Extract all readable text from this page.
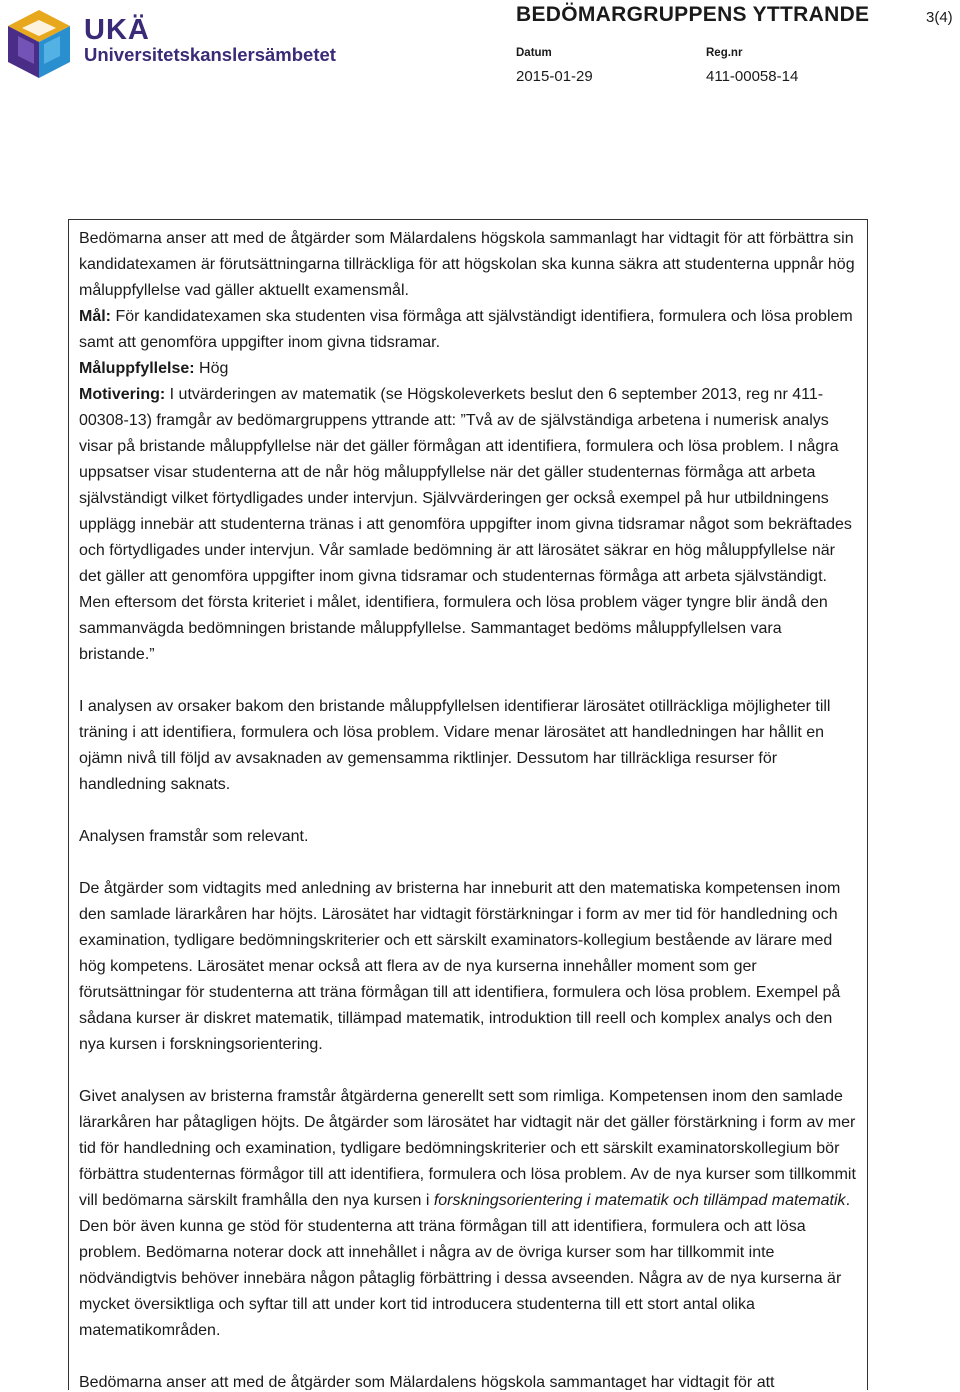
UKÄ
Universitetskanslersämbetet
BEDÖMARGRUPPENS YTTRANDE	3(4)
Datum
2015-01-29
Reg.nr
411-00058-14

Bedömarna anser att med de åtgärder som Mälardalens högskola sammanlagt har vidtagit för att förbättra sin kandidatexamen är förutsättningarna tillräckliga för att högskolan ska kunna säkra att studenterna uppnår hög måluppfyllelse vad gäller aktuellt examensmål.

Mål: För kandidatexamen ska studenten visa förmåga att självständigt identifiera, formulera och lösa problem samt att genomföra uppgifter inom givna tidsramar.

Måluppfyllelse: Hög

Motivering: I utvärderingen av matematik (se Högskoleverkets beslut den 6 september 2013, reg nr 411-00308-13) framgår av bedömargruppens yttrande att: ”Två av de självständiga arbetena i numerisk analys visar på bristande måluppfyllelse när det gäller förmågan att identifiera, formulera och lösa problem. I några uppsatser visar studenterna att de når hög måluppfyllelse när det gäller studenternas förmåga att arbeta självständigt vilket förtydligades under intervjun. Självvärderingen ger också exempel på hur utbildningens upplägg innebär att studenterna tränas i att genomföra uppgifter inom givna tidsramar något som bekräftades och förtydligades under intervjun. Vår samlade bedömning är att lärosätet säkrar en hög måluppfyllelse när det gäller att genomföra uppgifter inom givna tidsramar och studenternas förmåga att arbeta självständigt. Men eftersom det första kriteriet i målet, identifiera, formulera och lösa problem väger tyngre blir ändå den sammanvägda bedömningen bristande måluppfyllelse. Sammantaget bedöms måluppfyllelsen vara bristande.”

I analysen av orsaker bakom den bristande måluppfyllelsen identifierar lärosätet otillräckliga möjligheter till träning i att identifiera, formulera och lösa problem. Vidare menar lärosätet att handledningen har hållit en ojämn nivå till följd av avsaknaden av gemensamma riktlinjer. Dessutom har tillräckliga resurser för handledning saknats.

Analysen framstår som relevant.

De åtgärder som vidtagits med anledning av bristerna har inneburit att den matematiska kompetensen inom den samlade lärarkåren har höjts. Lärosätet har vidtagit förstärkningar i form av mer tid för handledning och examination, tydligare bedömningskriterier och ett särskilt examinators-kollegium bestående av lärare med hög kompetens. Lärosätet menar också att flera av de nya kurserna innehåller moment som ger förutsättningar för studenterna att träna förmågan till att identifiera, formulera och lösa problem. Exempel på sådana kurser är diskret matematik, tillämpad matematik, introduktion till reell och komplex analys och den nya kursen i forskningsorientering.

Givet analysen av bristerna framstår åtgärderna generellt sett som rimliga. Kompetensen inom den samlade lärarkåren har påtagligen höjts. De åtgärder som lärosätet har vidtagit när det gäller förstärkning i form av mer tid för handledning och examination, tydligare bedömningskriterier och ett särskilt examinatorskollegium bör förbättra studenternas förmågor till att identifiera, formulera och lösa problem. Av de nya kurser som tillkommit vill bedömarna särskilt framhålla den nya kursen i forskningsorientering i matematik och tillämpad matematik. Den bör även kunna ge stöd för studenterna att träna förmågan till att identifiera, formulera och att lösa problem. Bedömarna noterar dock att innehållet i några av de övriga kurser som har tillkommit inte nödvändigtvis behöver innebära någon påtaglig förbättring i dessa avseenden. Några av de nya kurserna är mycket översiktliga och syftar till att under kort tid introducera studenterna till ett stort antal olika matematikområden.

Bedömarna anser att med de åtgärder som Mälardalens högskola sammantaget har vidtagit för att
